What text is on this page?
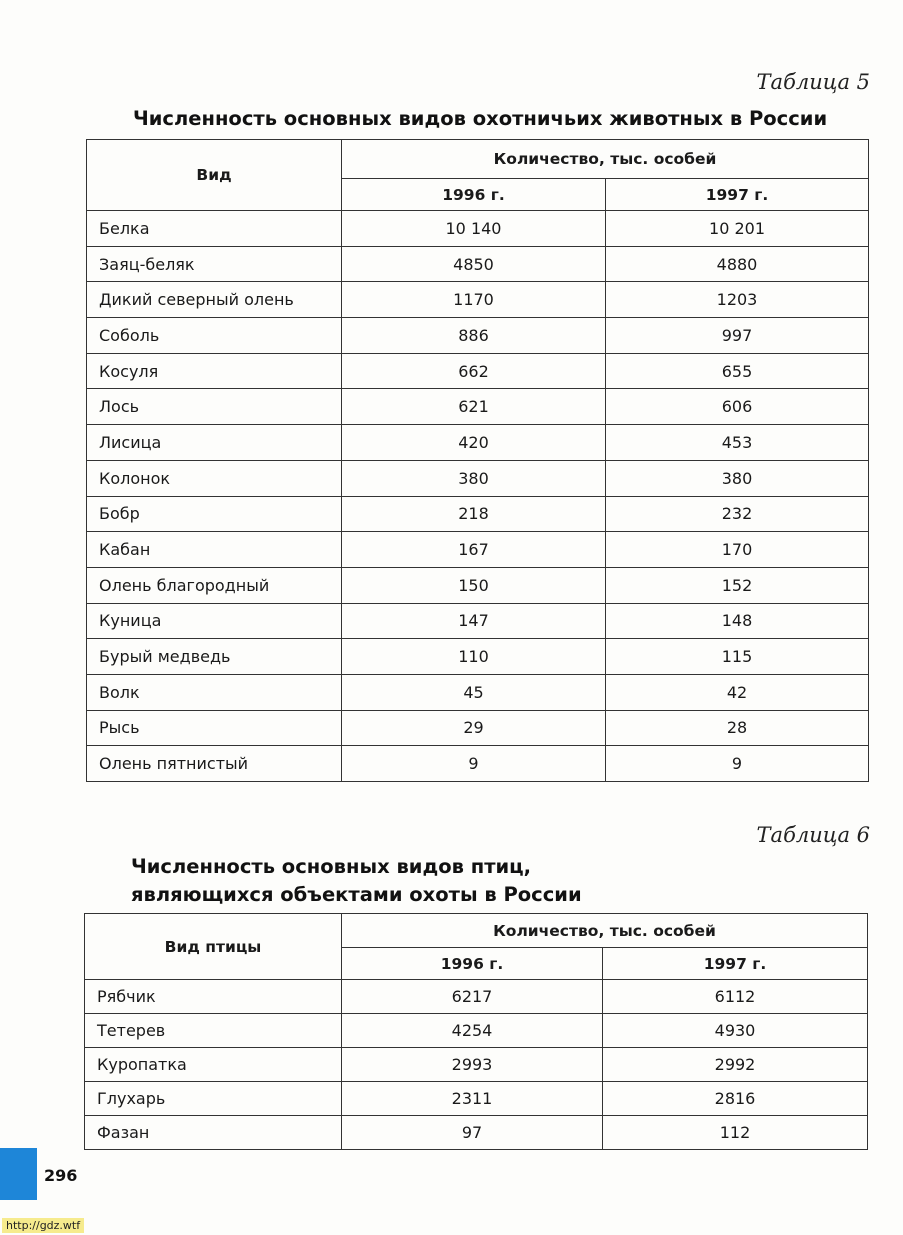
Таблица 5
Численность основных видов охотничьих животных в России
Вид	Количество, тыс. особей	
	1996 г.	1997 г.
Белка	10 140	10 201
Заяц-беляк	4850	4880
Дикий северный олень	1170	1203
Соболь	886	997
Косуля	662	655
Лось	621	606
Лисица	420	453
Колонок	380	380
Бобр	218	232
Кабан	167	170
Олень благородный	150	152
Куница	147	148
Бурый медведь	110	115
Волк	45	42
Рысь	29	28
Олень пятнистый	9	9
Таблица 6
Численность основных видов птиц,
являющихся объектами охоты в России
Вид птицы	Количество, тыс. особей	
	1996 г.	1997 г.
Рябчик	6217	6112
Тетерев	4254	4930
Куропатка	2993	2992
Глухарь	2311	2816
Фазан	97	112
296
http://gdz.wtf
